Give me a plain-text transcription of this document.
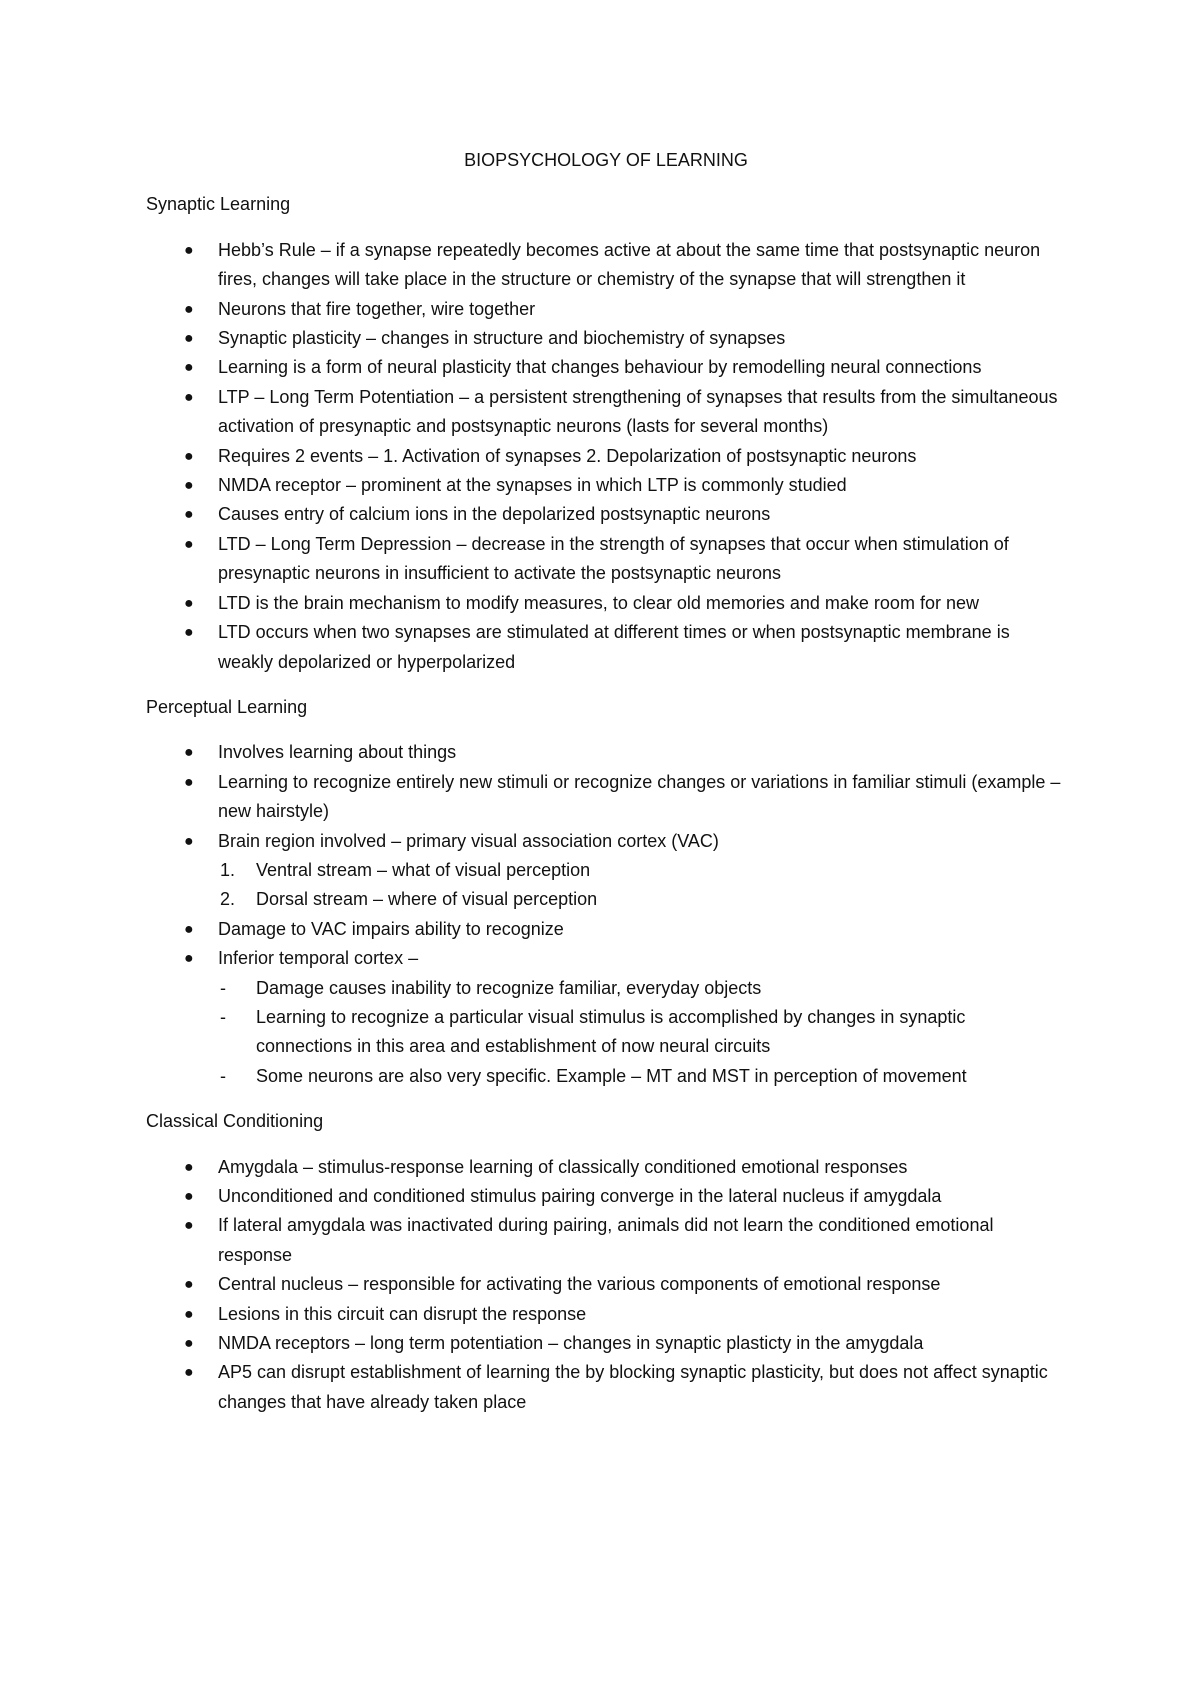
BIOPSYCHOLOGY OF LEARNING
Synaptic Learning
● Hebb’s Rule – if a synapse repeatedly becomes active at about the same time that postsynaptic neuron fires, changes will take place in the structure or chemistry of the synapse that will strengthen it
● Neurons that fire together, wire together
● Synaptic plasticity – changes in structure and biochemistry of synapses
● Learning is a form of neural plasticity that changes behaviour by remodelling neural connections
● LTP – Long Term Potentiation – a persistent strengthening of synapses that results from the simultaneous activation of presynaptic and postsynaptic neurons (lasts for several months)
● Requires 2 events – 1. Activation of synapses 2. Depolarization of postsynaptic neurons
● NMDA receptor – prominent at the synapses in which LTP is commonly studied
● Causes entry of calcium ions in the depolarized postsynaptic neurons
● LTD – Long Term Depression – decrease in the strength of synapses that occur when stimulation of presynaptic neurons in insufficient to activate the postsynaptic neurons
● LTD is the brain mechanism to modify measures, to clear old memories and make room for new
● LTD occurs when two synapses are stimulated at different times or when postsynaptic membrane is weakly depolarized or hyperpolarized
Perceptual Learning
● Involves learning about things
● Learning to recognize entirely new stimuli or recognize changes or variations in familiar stimuli (example – new hairstyle)
● Brain region involved – primary visual association cortex (VAC)
1.	Ventral stream – what of visual perception
2.	Dorsal stream – where of visual perception
● Damage to VAC impairs ability to recognize
● Inferior temporal cortex –
-	Damage causes inability to recognize familiar, everyday objects
-	Learning to recognize a particular visual stimulus is accomplished by changes in synaptic connections in this area and establishment of now neural circuits
-	Some neurons are also very specific. Example – MT and MST in perception of movement
Classical Conditioning
● Amygdala – stimulus-response learning of classically conditioned emotional responses
● Unconditioned and conditioned stimulus pairing converge in the lateral nucleus if amygdala
● If lateral amygdala was inactivated during pairing, animals did not learn the conditioned emotional response
● Central nucleus – responsible for activating the various components of emotional response
● Lesions in this circuit can disrupt the response
● NMDA receptors – long term potentiation – changes in synaptic plasticty in the amygdala
● AP5 can disrupt establishment of learning the by blocking synaptic plasticity, but does not affect synaptic changes that have already taken place
